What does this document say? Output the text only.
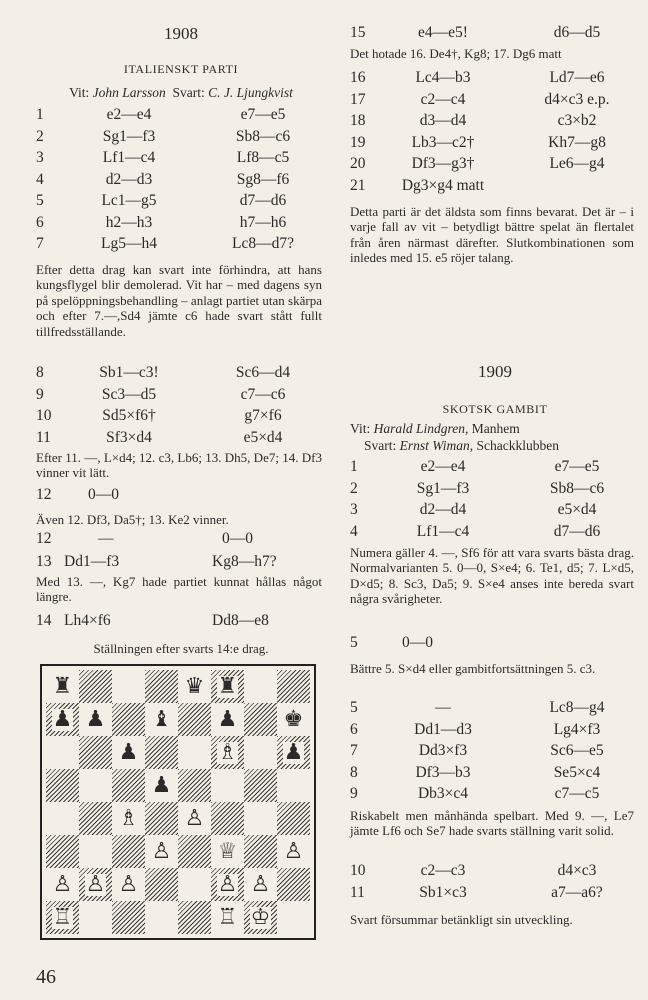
1908
ITALIENSKT PARTI
Vit: John Larsson Svart: C. J. Ljungkvist
1	e2—e4	e7—e5
2	Sg1—f3	Sb8—c6
3	Lf1—c4	Lf8—c5
4	d2—d3	Sg8—f6
5	Lc1—g5	d7—d6
6	h2—h3	h7—h6
7	Lg5—h4	Lc8—d7?
Efter detta drag kan svart inte förhindra, att hans kungsflygel blir demolerad. Vit har – med dagens syn på spelöppningsbehandling – anlagt partiet utan skärpa och efter 7.—,Sd4 jämte c6 hade svart stått fullt tillfredsställande.
8	Sb1—c3!	Sc6—d4
9	Sc3—d5	c7—c6
10	Sd5×f6†	g7×f6
11	Sf3×d4	e5×d4
Efter 11. —, L×d4; 12. c3, Lb6; 13. Dh5, De7; 14. Df3 vinner vit lätt.
12	0—0
Även 12. Df3, Da5†; 13. Ke2 vinner.
12	—	0—0
13 Dd1—f3	Kg8—h7?
Med 13. —, Kg7 hade partiet kunnat hållas något längre.
14 Lh4×f6	Dd8—e8
Ställningen efter svarts 14:e drag.
♜	♛ ♜
♟ ♟ ♝ ♟ ♚
♟	♗ ♟
♟
♗ ♙
♙ ♕ ♙
♙ ♙ ♙	♙ ♙
♖	♖ ♔
15	e4—e5!	d6—d5
Det hotade 16. De4†, Kg8; 17. Dg6 matt
16	Lc4—b3	Ld7—e6
17	c2—c4	d4×c3 e.p.
18	d3—d4	c3×b2
19	Lb3—c2†	Kh7—g8
20	Df3—g3†	Le6—g4
21	Dg3×g4 matt
Detta parti är det äldsta som finns bevarat. Det är – i varje fall av vit – betydligt bättre spelat än flertalet från åren närmast därefter. Slutkombinationen som inledes med 15. e5 röjer talang.
1909
SKOTSK GAMBIT
Vit: Harald Lindgren, Manhem
Svart: Ernst Wiman, Schackklubben
1	e2—e4	e7—e5
2	Sg1—f3	Sb8—c6
3	d2—d4	e5×d4
4	Lf1—c4	d7—d6
Numera gäller 4. —, Sf6 för att vara svarts bästa drag. Normalvarianten 5. 0—0, S×e4; 6. Te1, d5; 7. L×d5, D×d5; 8. Sc3, Da5; 9. S×e4 anses inte bereda svart några svårigheter.
5	0—0
Bättre 5. S×d4 eller gambitfortsättningen 5. c3.
5	—	Lc8—g4
6	Dd1—d3	Lg4×f3
7	Dd3×f3	Sc6—e5
8	Df3—b3	Se5×c4
9	Db3×c4	c7—c5
Riskabelt men månhända spelbart. Med 9. —, Le7 jämte Lf6 och Se7 hade svarts ställning varit solid.
10	c2—c3	d4×c3
11	Sb1×c3	a7—a6?
Svart försummar betänkligt sin utveckling.
46
